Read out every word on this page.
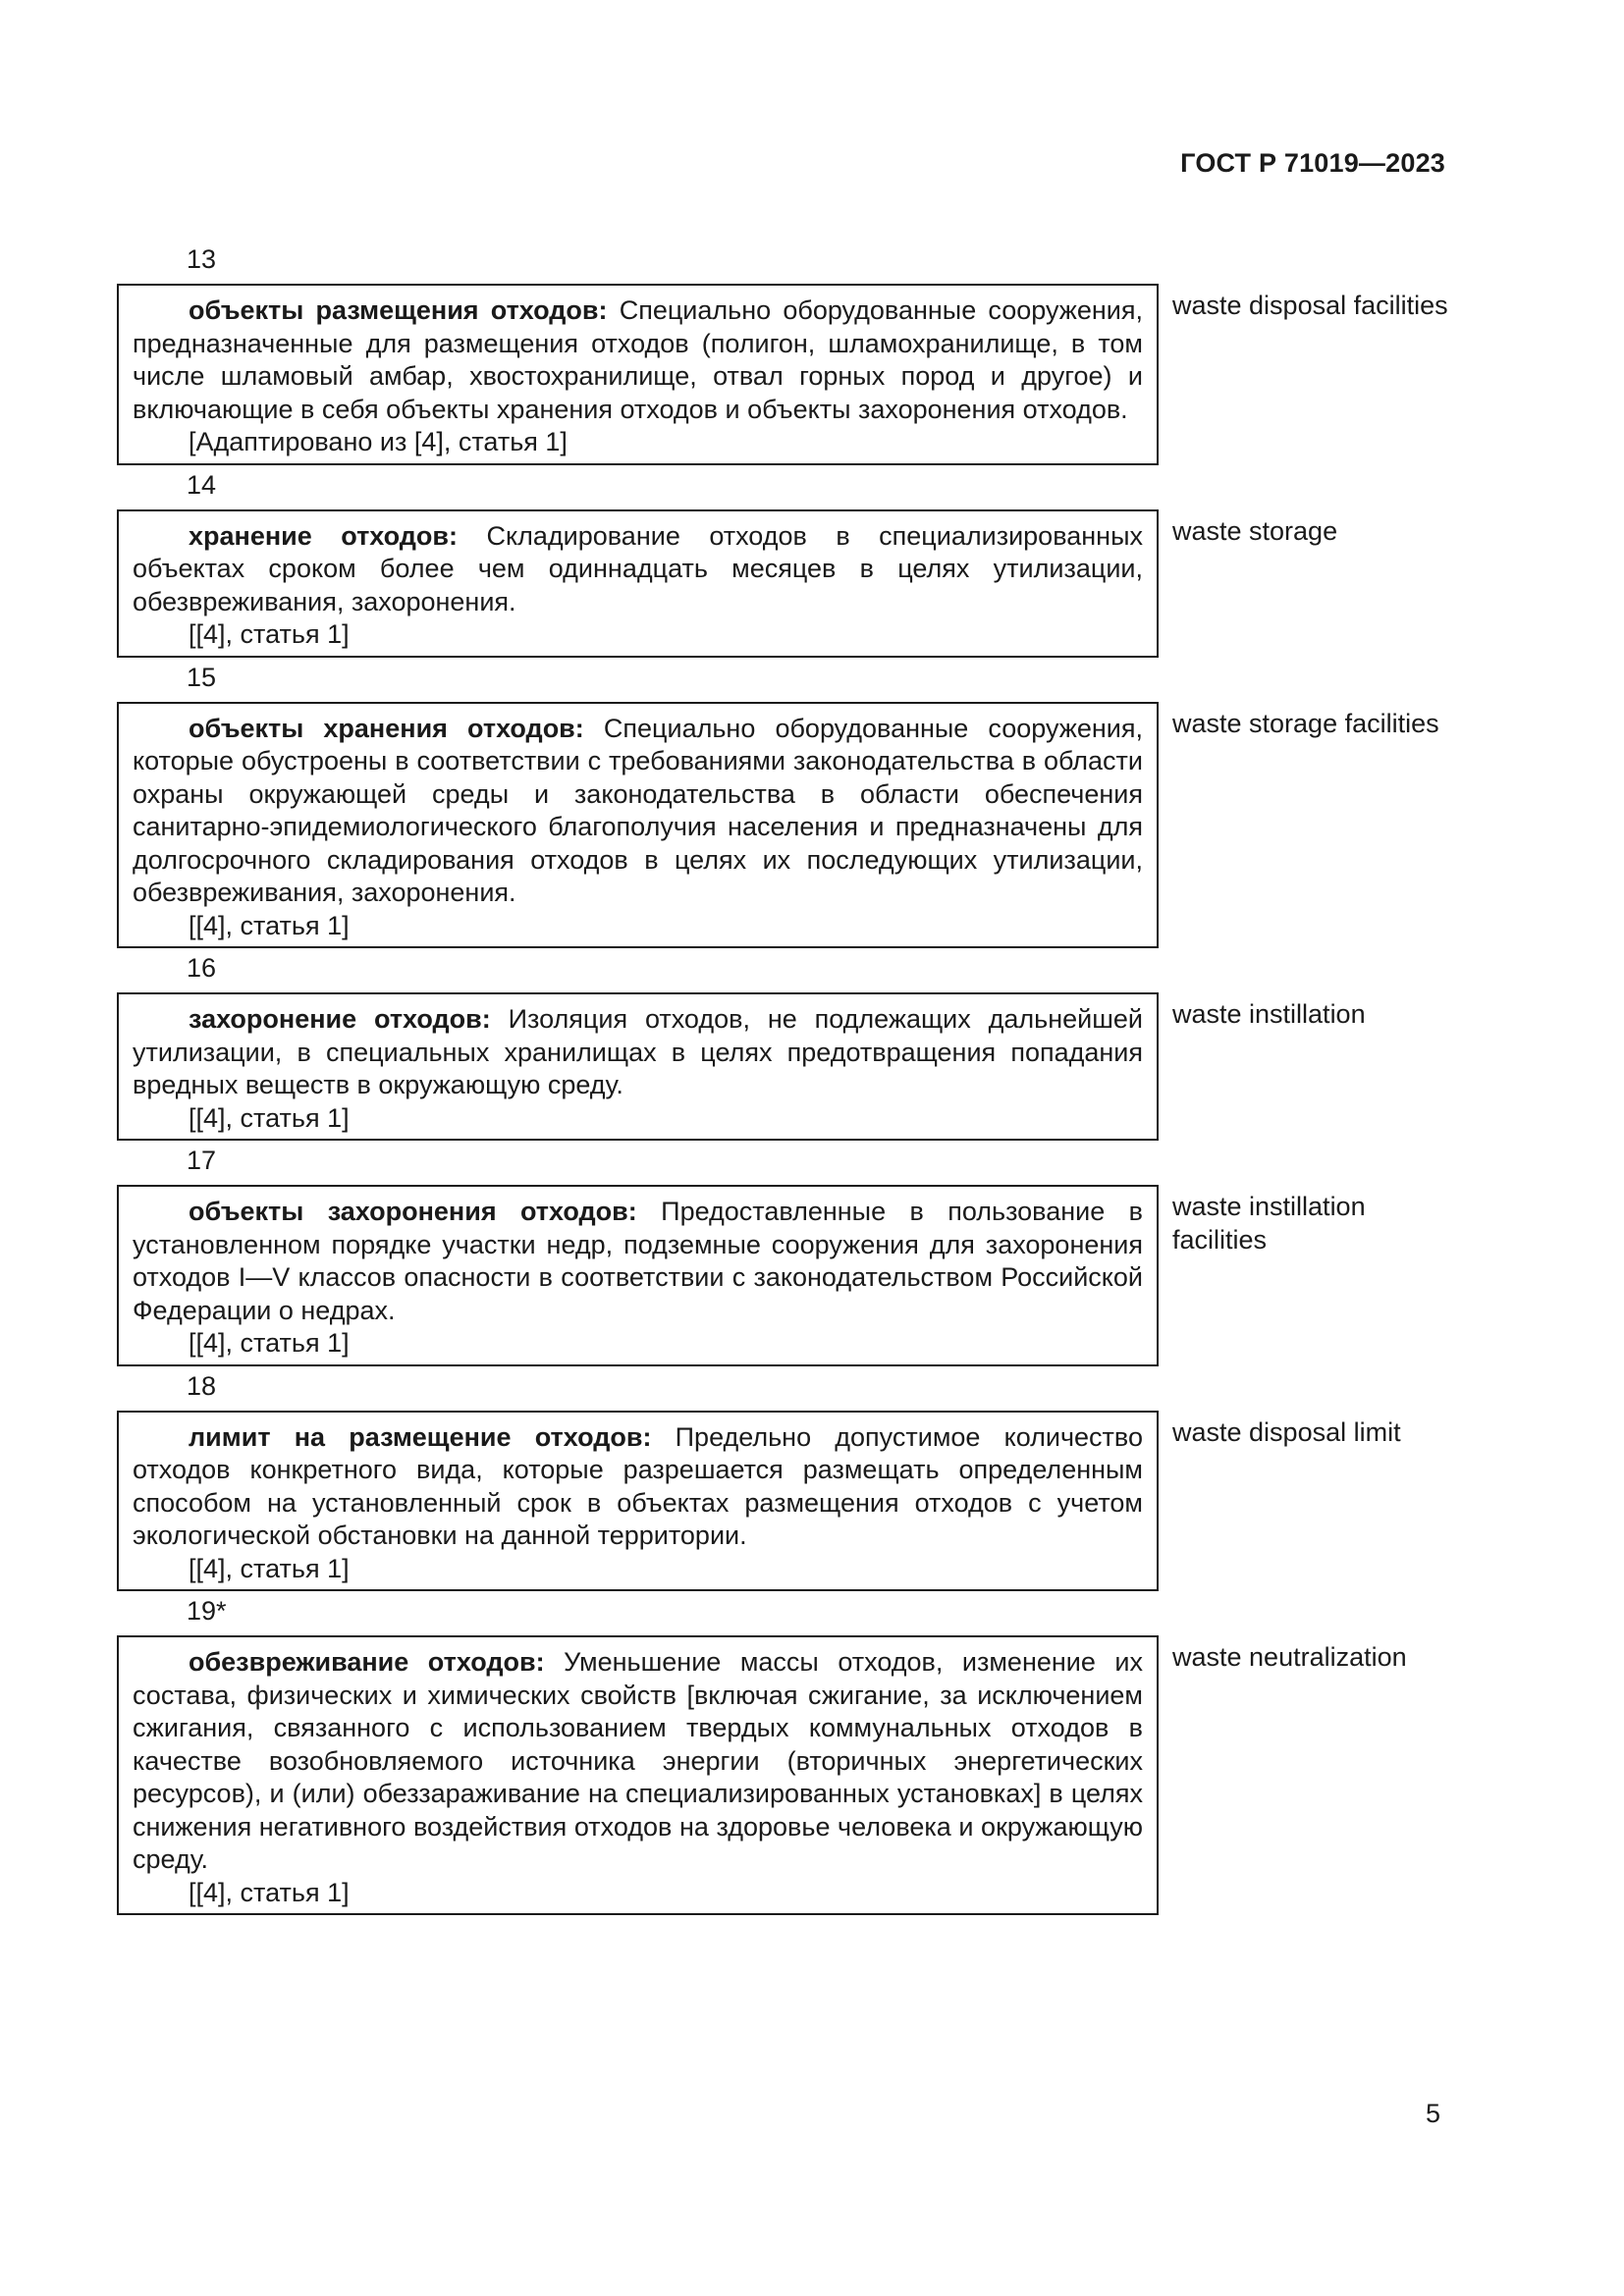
ГОСТ Р 71019—2023
13
waste disposal facilities

объекты размещения отходов: Специально оборудованные сооружения, предназначенные для размещения отходов (полигон, шламохранилище, в том числе шламовый амбар, хвостохранилище, отвал горных пород и другое) и включающие в себя объекты хранения отходов и объекты захоронения отходов.

[Адаптировано из [4], статья 1]

14
waste storage

хранение отходов: Складирование отходов в специализированных объектах сроком более чем одиннадцать месяцев в целях утилизации, обезвреживания, захоронения.

[[4], статья 1]

15
waste storage facilities

объекты хранения отходов: Специально оборудованные сооружения, которые обустроены в соответствии с требованиями законодательства в области охраны окружающей среды и законодательства в области обеспечения санитарно-эпидемиологического благополучия населения и предназначены для долгосрочного складирования отходов в целях их последующих утилизации, обезвреживания, захоронения.

[[4], статья 1]

16
waste instillation

захоронение отходов: Изоляция отходов, не подлежащих дальнейшей утилизации, в специальных хранилищах в целях предотвращения попадания вредных веществ в окружающую среду.

[[4], статья 1]

17
waste instillation facilities

объекты захоронения отходов: Предоставленные в пользование в установленном порядке участки недр, подземные сооружения для захоронения отходов I—V классов опасности в соответствии с законодательством Российской Федерации о недрах.

[[4], статья 1]

18
waste disposal limit

лимит на размещение отходов: Предельно допустимое количество отходов конкретного вида, которые разрешается размещать определенным способом на установленный срок в объектах размещения отходов с учетом экологической обстановки на данной территории.

[[4], статья 1]

19*
waste neutralization

обезвреживание отходов: Уменьшение массы отходов, изменение их состава, физических и химических свойств [включая сжигание, за исключением сжигания, связанного с использованием твердых коммунальных отходов в качестве возобновляемого источника энергии (вторичных энергетических ресурсов), и (или) обеззараживание на специализированных установках] в целях снижения негативного воздействия отходов на здоровье человека и окружающую среду.

[[4], статья 1]

5
